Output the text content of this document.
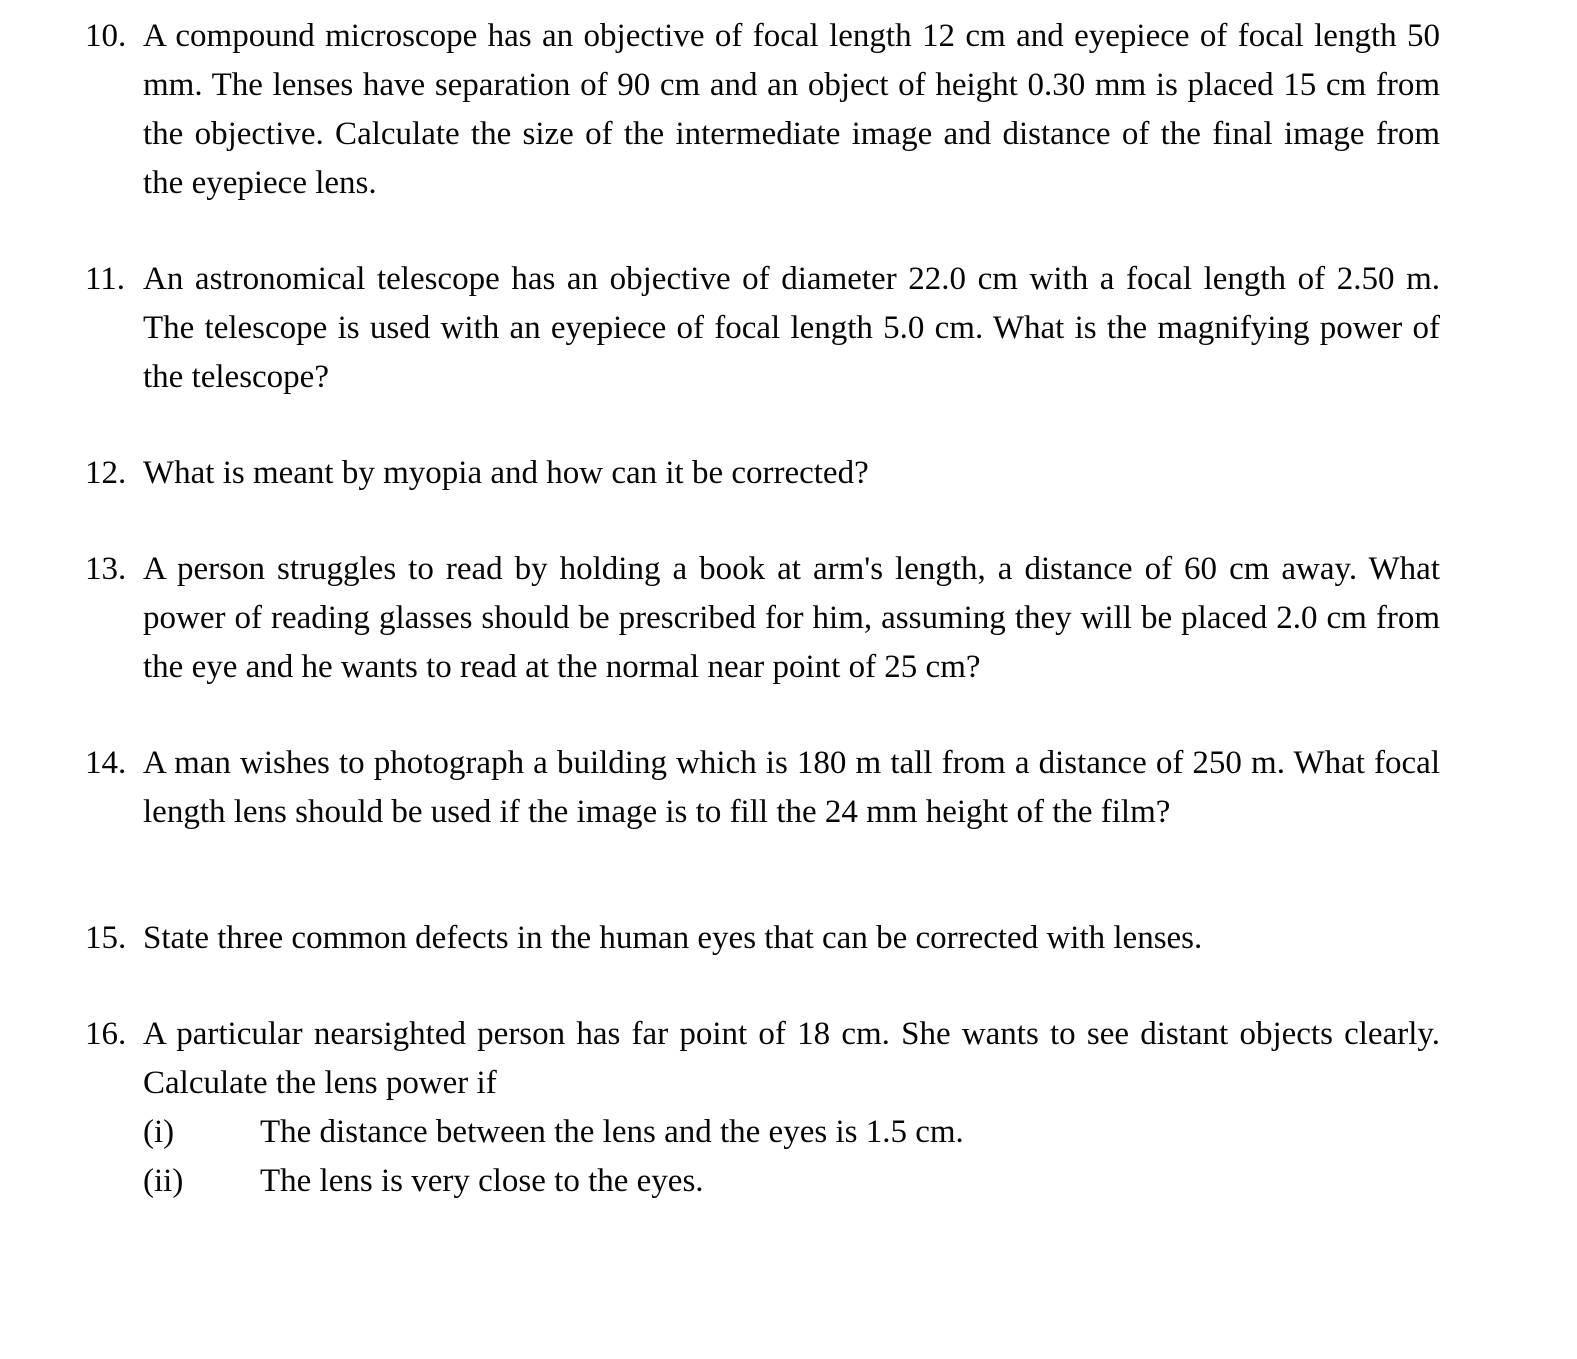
10. A compound microscope has an objective of focal length 12 cm and eyepiece of focal length 50 mm. The lenses have separation of 90 cm and an object of height 0.30 mm is placed 15 cm from the objective. Calculate the size of the intermediate image and distance of the final image from the eyepiece lens.
11. An astronomical telescope has an objective of diameter 22.0 cm with a focal length of 2.50 m. The telescope is used with an eyepiece of focal length 5.0 cm. What is the magnifying power of the telescope?
12. What is meant by myopia and how can it be corrected?
13. A person struggles to read by holding a book at arm's length, a distance of 60 cm away. What power of reading glasses should be prescribed for him, assuming they will be placed 2.0 cm from the eye and he wants to read at the normal near point of 25 cm?
14. A man wishes to photograph a building which is 180 m tall from a distance of 250 m. What focal length lens should be used if the image is to fill the 24 mm height of the film?
15. State three common defects in the human eyes that can be corrected with lenses.
16. A particular nearsighted person has far point of 18 cm. She wants to see distant objects clearly. Calculate the lens power if
(i)	The distance between the lens and the eyes is 1.5 cm.
(ii)	The lens is very close to the eyes.
